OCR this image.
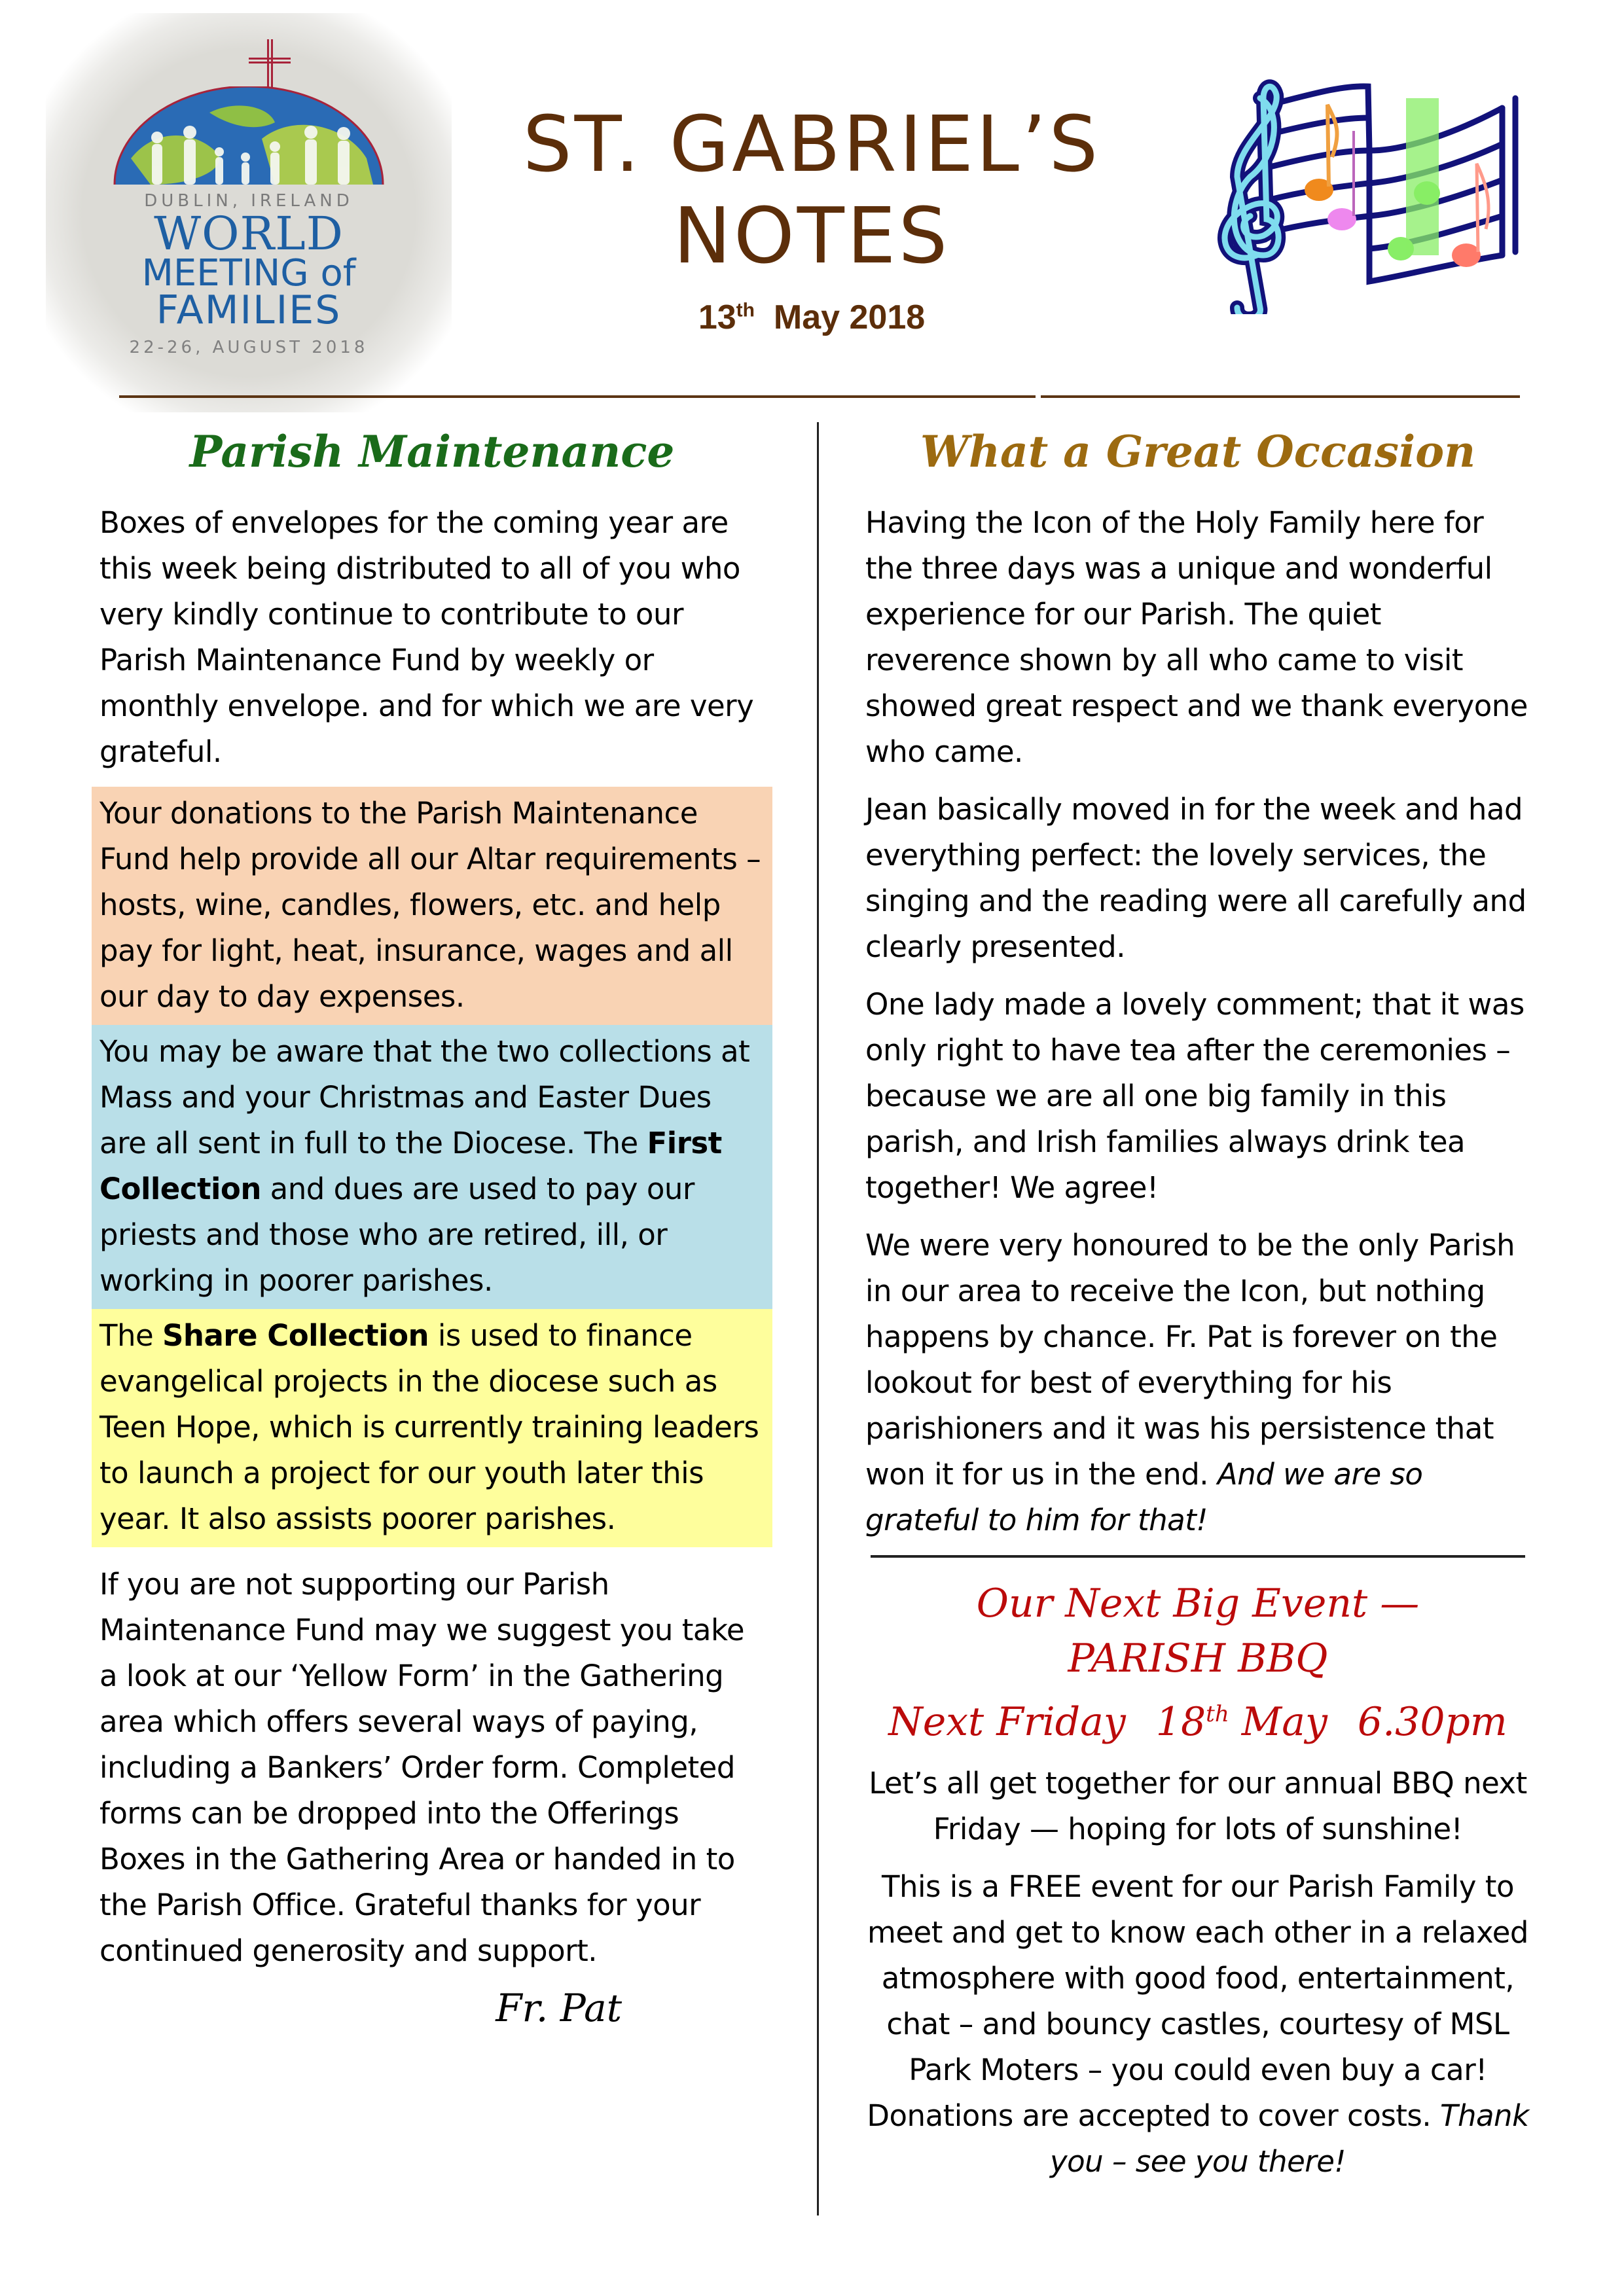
DUBLIN, IRELAND
WORLD
MEETING of
FAMILIES
22-26, AUGUST 2018
ST. GABRIEL’S
NOTES
13th May 2018
Parish Maintenance

Boxes of envelopes for the coming year are this week being distributed to all of you who very kindly continue to contribute to our Parish Maintenance Fund by weekly or monthly envelope. and for which we are very grateful.

Your donations to the Parish Maintenance Fund help provide all our Altar requirements – hosts, wine, candles, flowers, etc. and help pay for light, heat, insurance, wages and all our day to day expenses.

You may be aware that the two collections at Mass and your Christmas and Easter Dues are all sent in full to the Diocese. The First Collection and dues are used to pay our priests and those who are retired, ill, or working in poorer parishes.

The Share Collection is used to finance evangelical projects in the diocese such as Teen Hope, which is currently training leaders to launch a project for our youth later this year. It also assists poorer parishes.

If you are not supporting our Parish Maintenance Fund may we suggest you take a look at our ‘Yellow Form’ in the Gathering area which offers several ways of paying, including a Bankers’ Order form. Completed forms can be dropped into the Offerings Boxes in the Gathering Area or handed in to the Parish Office. Grateful thanks for your continued generosity and support.

Fr. Pat
What a Great Occasion

Having the Icon of the Holy Family here for the three days was a unique and wonderful experience for our Parish. The quiet reverence shown by all who came to visit showed great respect and we thank everyone who came.

Jean basically moved in for the week and had everything perfect: the lovely services, the singing and the reading were all carefully and clearly presented.

One lady made a lovely comment; that it was only right to have tea after the ceremonies – because we are all one big family in this parish, and Irish families always drink tea together! We agree!

We were very honoured to be the only Parish in our area to receive the Icon, but nothing happens by chance. Fr. Pat is forever on the lookout for best of everything for his parishioners and it was his persistence that won it for us in the end. And we are so grateful to him for that!

Our Next Big Event —
PARISH BBQ
Next Friday 18th May 6.30pm

Let’s all get together for our annual BBQ next Friday — hoping for lots of sunshine!

This is a FREE event for our Parish Family to meet and get to know each other in a relaxed atmosphere with good food, entertainment, chat – and bouncy castles, courtesy of MSL Park Moters – you could even buy a car! Donations are accepted to cover costs. Thank you – see you there!
